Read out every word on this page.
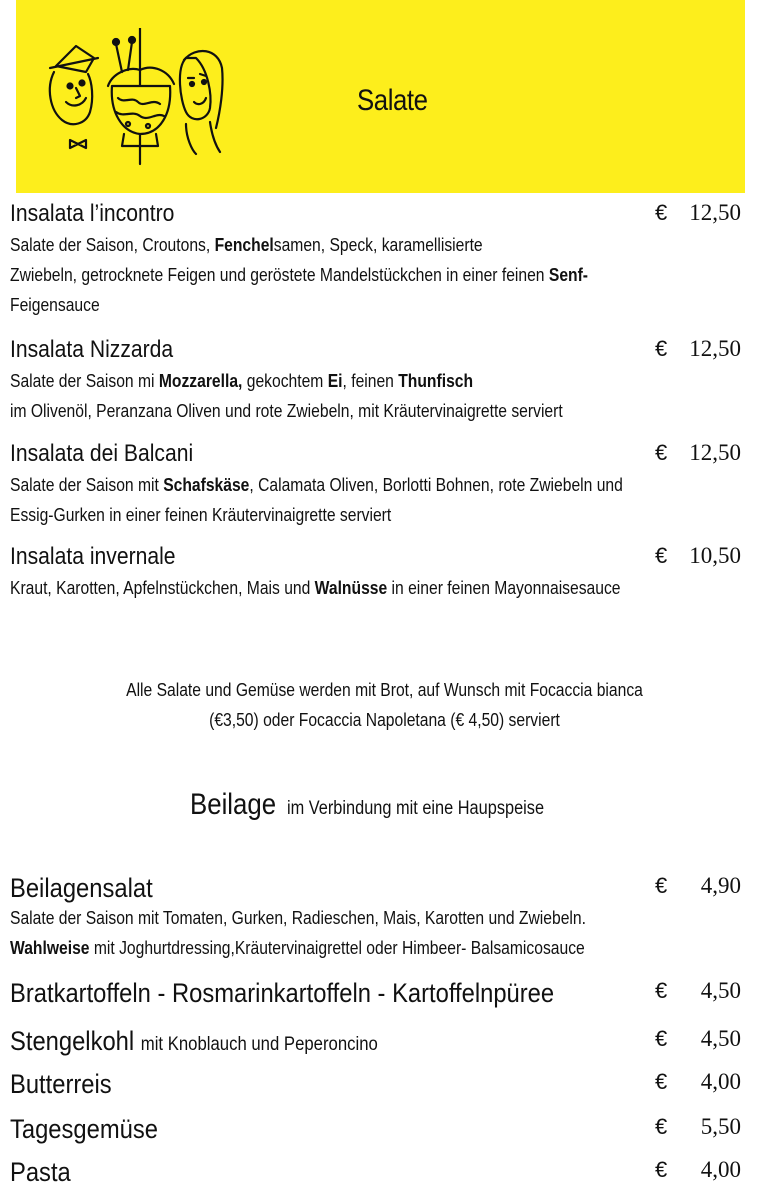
Salate
Insalata l’incontro	€ 12,50
Salate der Saison, Croutons, Fenchelsamen, Speck, karamellisierte
Zwiebeln, getrocknete Feigen und geröstete Mandelstückchen in einer feinen Senf-
Feigensauce
Insalata Nizzarda	€ 12,50
Salate der Saison mi Mozzarella, gekochtem Ei, feinen Thunfisch
im Olivenöl, Peranzana Oliven und rote Zwiebeln, mit Kräutervinaigrette serviert
Insalata dei Balcani	€ 12,50
Salate der Saison mit Schafskäse, Calamata Oliven, Borlotti Bohnen, rote Zwiebeln und
Essig-Gurken in einer feinen Kräutervinaigrette serviert
Insalata invernale	€ 10,50
Kraut, Karotten, Apfelnstückchen, Mais und Walnüsse in einer feinen Mayonnaisesauce
Alle Salate und Gemüse werden mit Brot, auf Wunsch mit Focaccia bianca
(€3,50) oder Focaccia Napoletana (€ 4,50) serviert
Beilage im Verbindung mit eine Haupspeise
Beilagensalat	€ 4,90
Salate der Saison mit Tomaten, Gurken, Radieschen, Mais, Karotten und Zwiebeln.
Wahlweise mit Joghurtdressing,Kräutervinaigrettel oder Himbeer- Balsamicosauce
Bratkartoffeln - Rosmarinkartoffeln - Kartoffelnpüree	€ 4,50
Stengelkohl mit Knoblauch und Peperoncino	€ 4,50
Butterreis	€ 4,00
Tagesgemüse	€ 5,50
Pasta	€ 4,00
